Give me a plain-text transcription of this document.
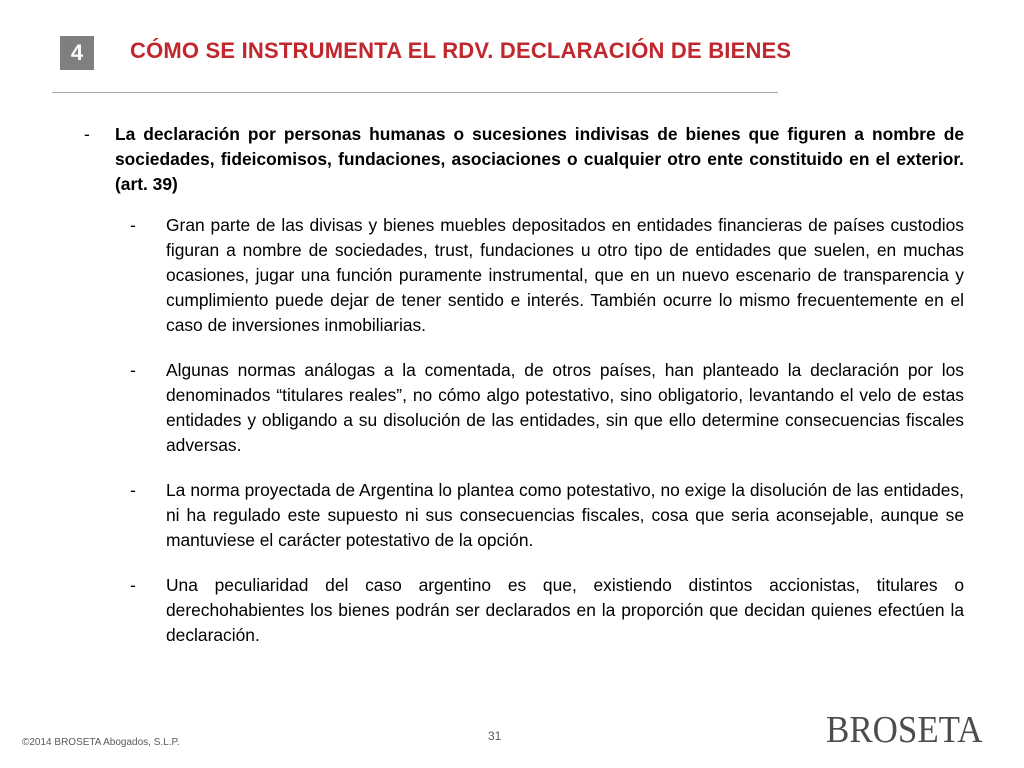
4	CÓMO SE INSTRUMENTA EL RDV. DECLARACIÓN DE BIENES
-	La declaración por personas humanas o sucesiones indivisas de bienes que figuren a nombre de sociedades, fideicomisos, fundaciones, asociaciones o cualquier otro ente constituido en el exterior. (art. 39)
-	Gran parte de las divisas y bienes muebles depositados en entidades financieras de países custodios figuran a nombre de sociedades, trust, fundaciones u otro tipo de entidades que suelen, en muchas ocasiones, jugar una función puramente instrumental, que en un nuevo escenario de transparencia y cumplimiento puede dejar de tener sentido e interés. También ocurre lo mismo frecuentemente en el caso de inversiones inmobiliarias.
-	Algunas normas análogas a la comentada, de otros países, han planteado la declaración por los denominados “titulares reales”, no cómo algo potestativo, sino obligatorio, levantando el velo de estas entidades y obligando a su disolución de las entidades, sin que ello determine consecuencias fiscales adversas.
-	La norma proyectada de Argentina lo plantea como potestativo, no exige la disolución de las entidades, ni ha regulado este supuesto ni sus consecuencias fiscales, cosa que seria aconsejable, aunque se mantuviese el carácter potestativo de la opción.
-	Una peculiaridad del caso argentino es que, existiendo distintos accionistas, titulares o derechohabientes los bienes podrán ser declarados en la proporción que decidan quienes efectúen la declaración.
©2014 BROSETA Abogados, S.L.P.	31	BROSETA
